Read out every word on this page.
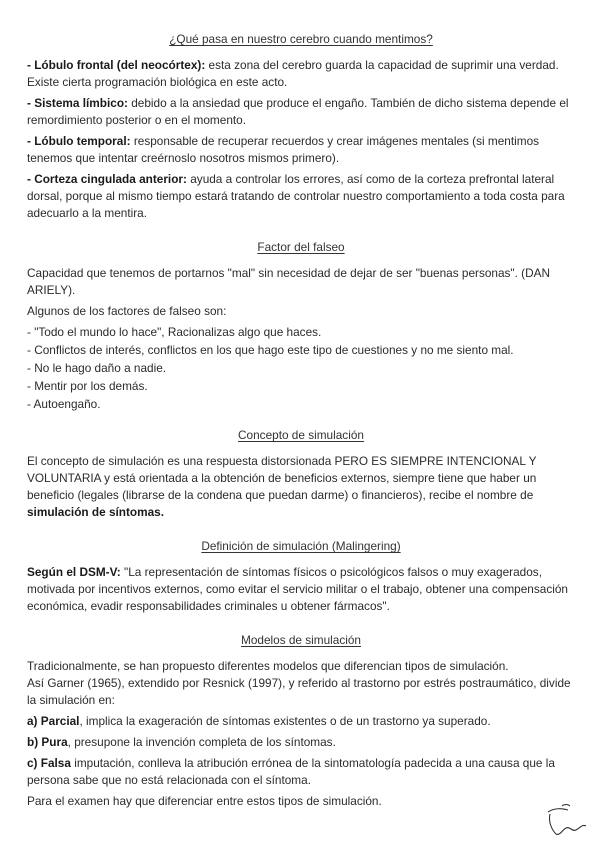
¿Qué pasa en nuestro cerebro cuando mentimos?

- Lóbulo frontal (del neocórtex): esta zona del cerebro guarda la capacidad de suprimir una verdad. Existe cierta programación biológica en este acto.

- Sistema límbico: debido a la ansiedad que produce el engaño. También de dicho sistema depende el remordimiento posterior o en el momento.

- Lóbulo temporal: responsable de recuperar recuerdos y crear imágenes mentales (si mentimos tenemos que intentar creérnoslo nosotros mismos primero).

- Corteza cingulada anterior: ayuda a controlar los errores, así como de la corteza prefrontal lateral dorsal, porque al mismo tiempo estará tratando de controlar nuestro comportamiento a toda costa para adecuarlo a la mentira.

Factor del falseo

Capacidad que tenemos de portarnos "mal" sin necesidad de dejar de ser "buenas personas". (DAN ARIELY).

Algunos de los factores de falseo son:

- "Todo el mundo lo hace", Racionalizas algo que haces.

- Conflictos de interés, conflictos en los que hago este tipo de cuestiones y no me siento mal.

- No le hago daño a nadie.

- Mentir por los demás.

- Autoengaño.

Concepto de simulación

El concepto de simulación es una respuesta distorsionada PERO ES SIEMPRE INTENCIONAL Y VOLUNTARIA y está orientada a la obtención de beneficios externos, siempre tiene que haber un beneficio (legales (librarse de la condena que puedan darme) o financieros), recibe el nombre de simulación de síntomas.

Definición de simulación (Malingering)

Según el DSM-V: "La representación de síntomas físicos o psicológicos falsos o muy exagerados, motivada por incentivos externos, como evitar el servicio militar o el trabajo, obtener una compensación económica, evadir responsabilidades criminales u obtener fármacos".

Modelos de simulación

Tradicionalmente, se han propuesto diferentes modelos que diferencian tipos de simulación.

Así Garner (1965), extendido por Resnick (1997), y referido al trastorno por estrés postraumático, divide la simulación en:

a) Parcial, implica la exageración de síntomas existentes o de un trastorno ya superado.

b) Pura, presupone la invención completa de los síntomas.

c) Falsa imputación, conlleva la atribución errónea de la sintomatología padecida a una causa que la persona sabe que no está relacionada con el síntoma.

Para el examen hay que diferenciar entre estos tipos de simulación.
